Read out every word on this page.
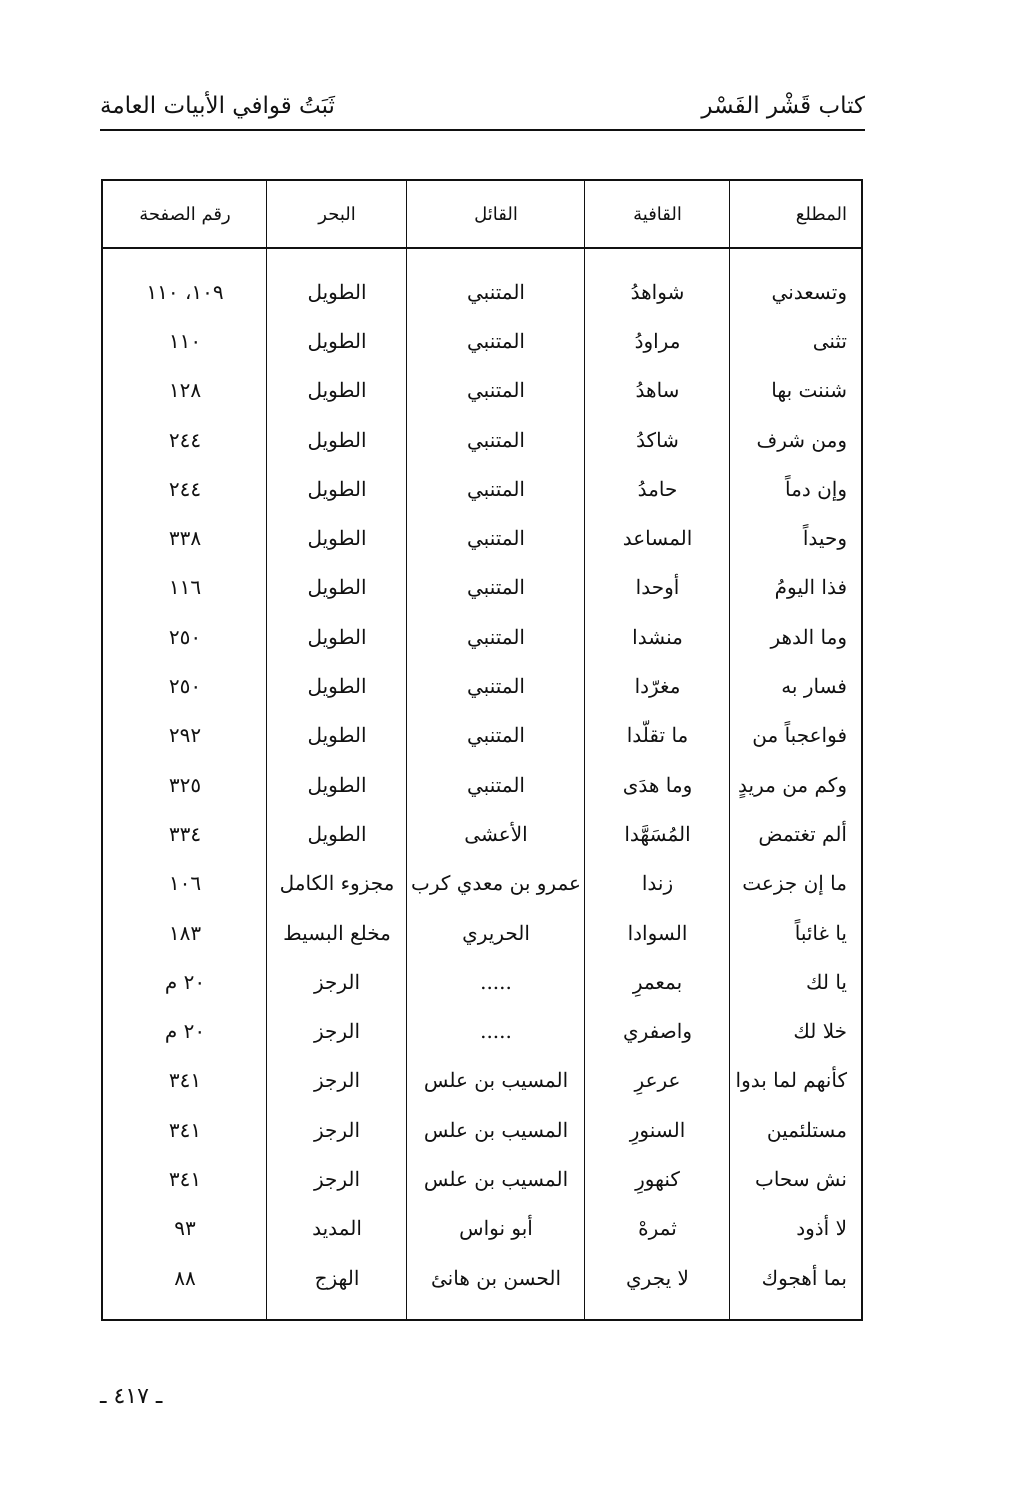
كتاب قَشْر الفَسْر
ثَبَتُ قوافي الأبيات العامة
المطلع
القافية
القائل
البحر
رقم الصفحة
وتسعدني
شواهدُ
المتنبي
الطويل
١٠٩، ١١٠
تثنى
مراودُ
المتنبي
الطويل
١١٠
شننت بها
ساهدُ
المتنبي
الطويل
١٢٨
ومن شرف
شاكدُ
المتنبي
الطويل
٢٤٤
وإن دماً
حامدُ
المتنبي
الطويل
٢٤٤
وحيداً
المساعد
المتنبي
الطويل
٣٣٨
فذا اليومُ
أوحدا
المتنبي
الطويل
١١٦
وما الدهر
منشدا
المتنبي
الطويل
٢٥٠
فسار به
مغرّدا
المتنبي
الطويل
٢٥٠
فواعجباً من
ما تقلّدا
المتنبي
الطويل
٢٩٢
وكم من مريدٍ
وما هدَى
المتنبي
الطويل
٣٢٥
ألم تغتمض
المُسَهَّدا
الأعشى
الطويل
٣٣٤
ما إن جزعت
زندا
عمرو بن معدي كرب
مجزوء الكامل
١٠٦
يا غائباً
السوادا
الحريري
مخلع البسيط
١٨٣
يا لك
بمعمرِ
.....
الرجز
٢٠ م
خلا لك
واصفري
.....
الرجز
٢٠ م
كأنهم لما بدوا
عرعرِ
المسيب بن علس
الرجز
٣٤١
مستلئمين
السنورِ
المسيب بن علس
الرجز
٣٤١
نش سحاب
كنهورِ
المسيب بن علس
الرجز
٣٤١
لا أذود
ثمرهْ
أبو نواس
المديد
٩٣
بما أهجوك
لا يجري
الحسن بن هانئ
الهزج
٨٨
ـ ٤١٧ ـ
